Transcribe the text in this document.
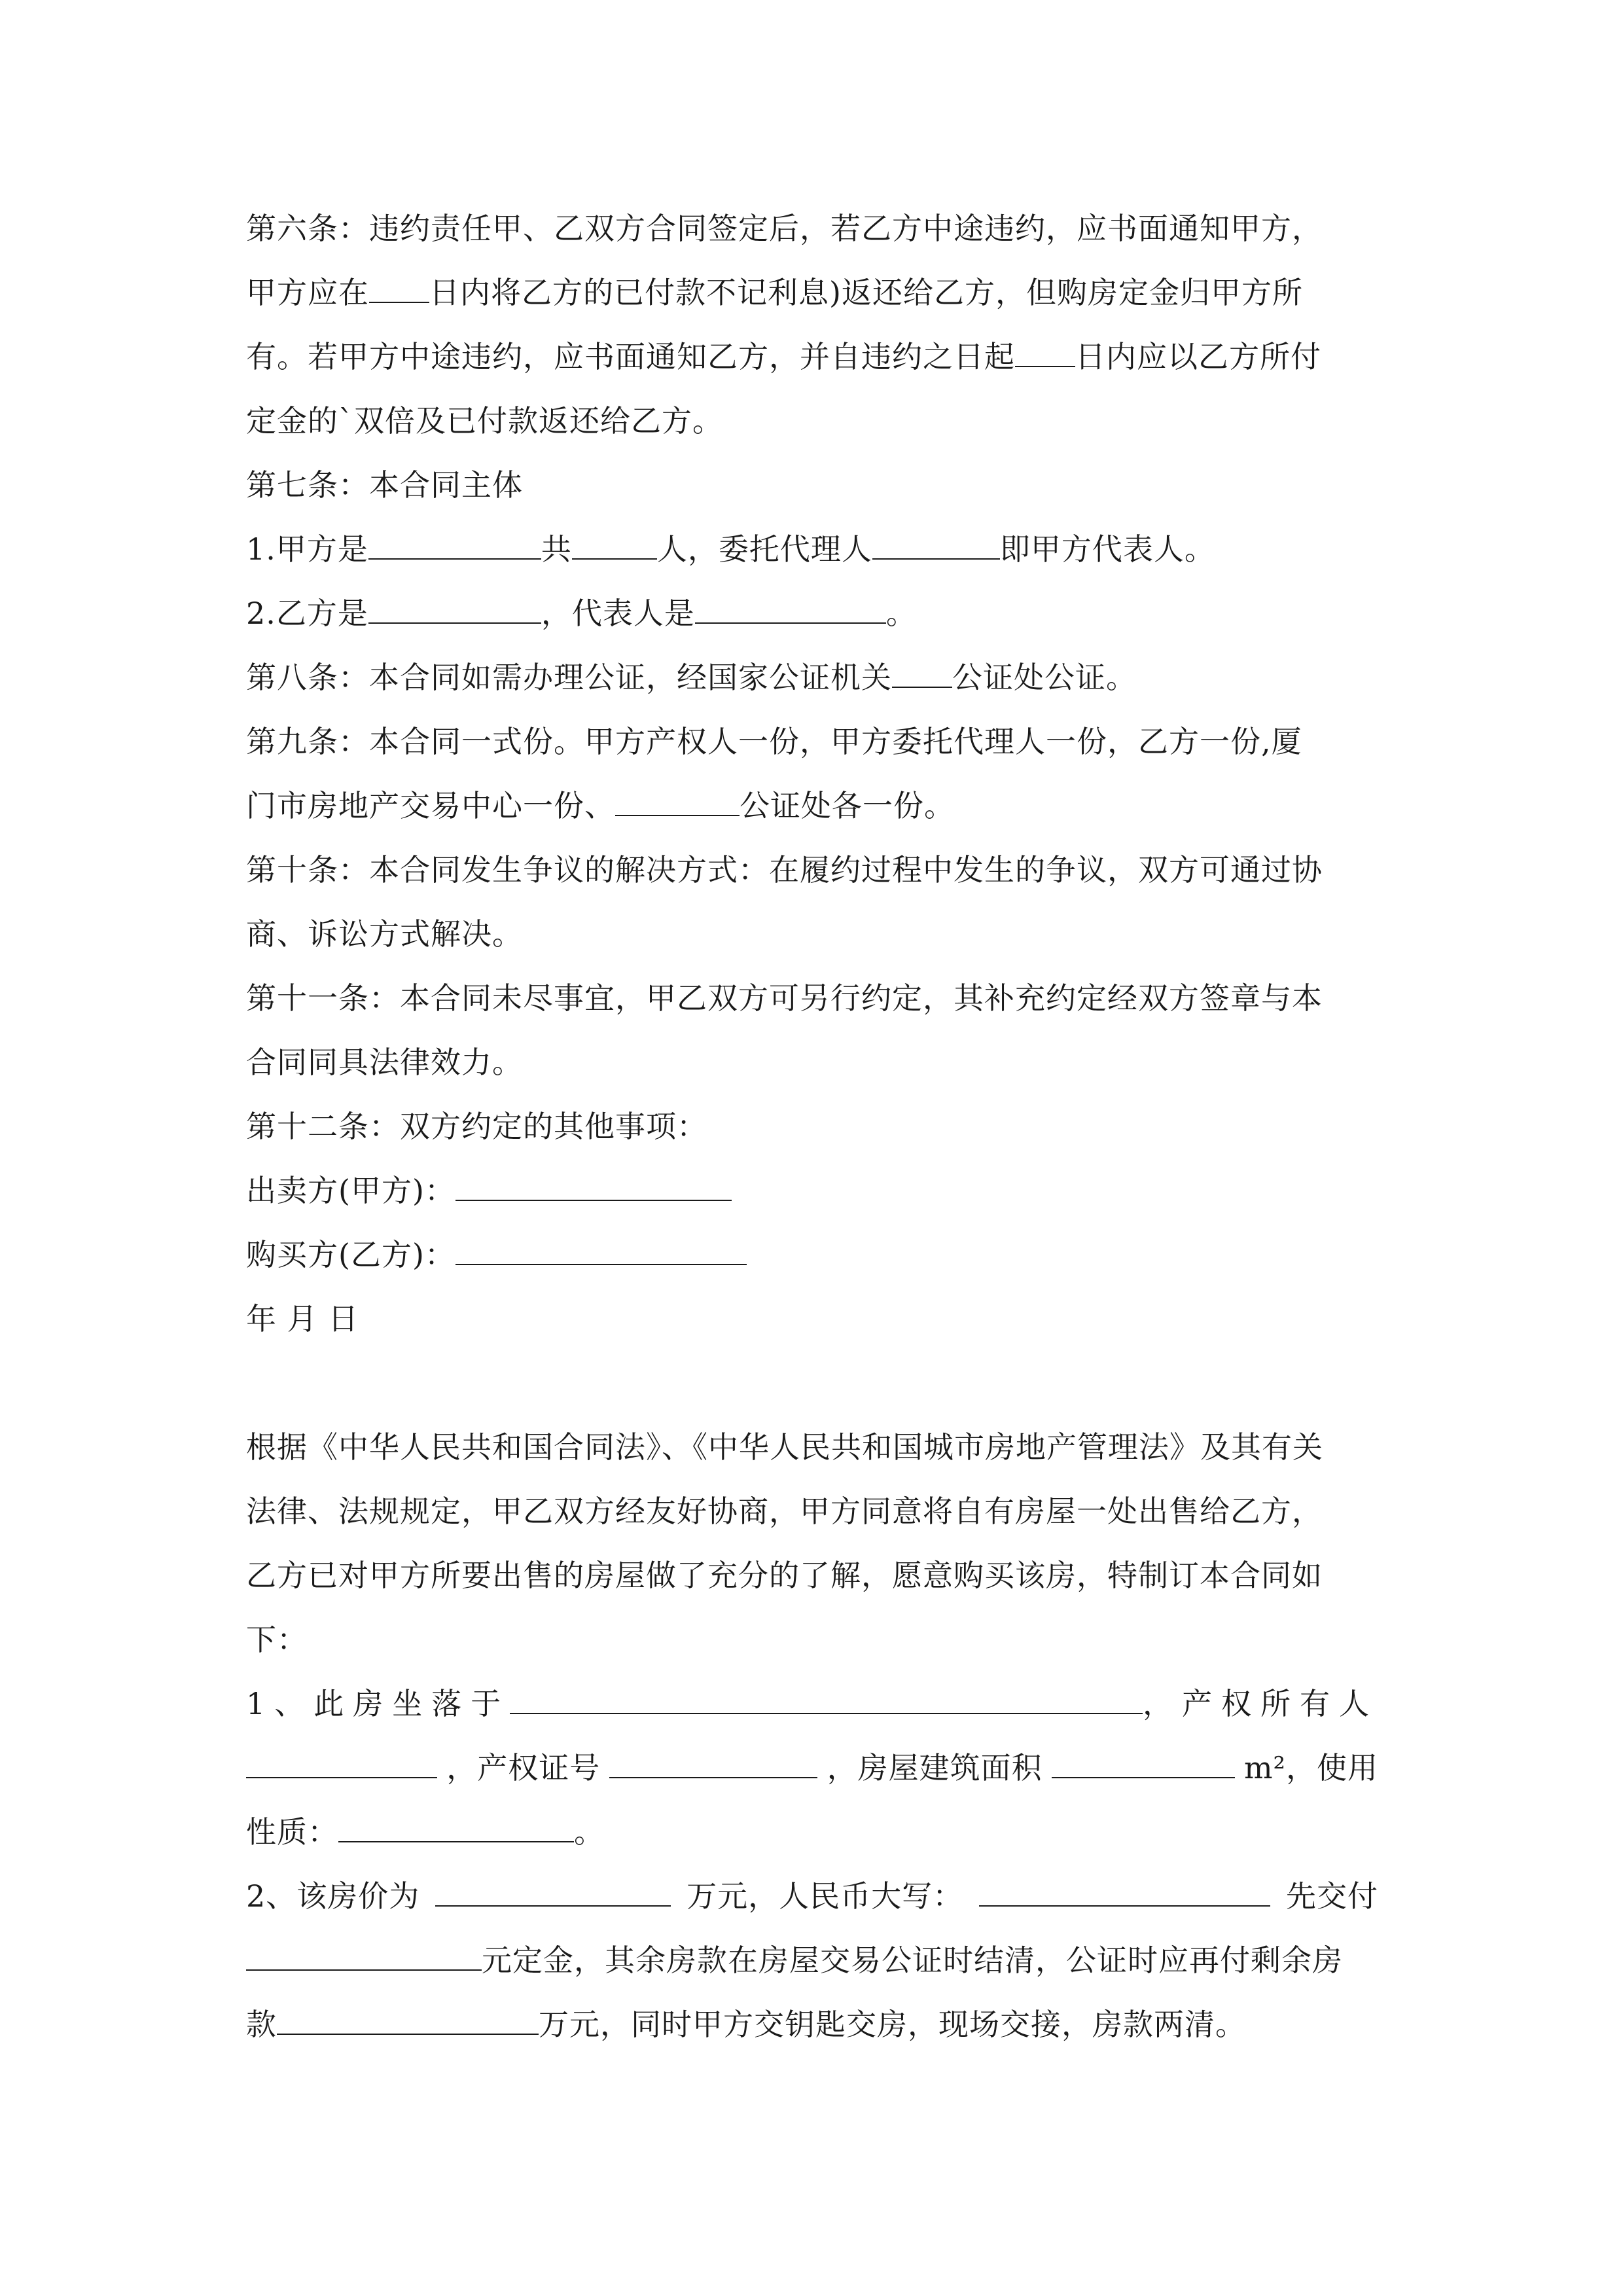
第六条：违约责任甲、乙双方合同签定后，若乙方中途违约，应书面通知甲方，
甲方应在 日内将乙方的已付款不记利息)返还给乙方，但购房定金归甲方所
有。若甲方中途违约，应书面通知乙方，并自违约之日起 日内应以乙方所付
定金的`双倍及已付款返还给乙方。
第七条：本合同主体
1.甲方是	共	人，委托代理人	即甲方代表人。
2.乙方是	，代表人是	。
第八条：本合同如需办理公证，经国家公证机关 公证处公证。
第九条：本合同一式份。甲方产权人一份，甲方委托代理人一份，乙方一份,厦
门市房地产交易中心一份、	公证处各一份。
第十条：本合同发生争议的解决方式：在履约过程中发生的争议，双方可通过协
商、诉讼方式解决。
第十一条：本合同未尽事宜，甲乙双方可另行约定，其补充约定经双方签章与本
合同同具法律效力。
第十二条：双方约定的其他事项：
出卖方(甲方)：
购买方(乙方)：
年 月 日
根据《中华人民共和国合同法》、《中华人民共和国城市房地产管理法》及其有关
法律、法规规定，甲乙双方经友好协商，甲方同意将自有房屋一处出售给乙方，
乙方已对甲方所要出售的房屋做了充分的了解，愿意购买该房，特制订本合同如
下：
1、此房坐落于	，产权所有人
，产权证号	，房屋建筑面积	m²，使用
性质：	。
2、该房价为	万元，人民币大写：	先交付
元定金，其余房款在房屋交易公证时结清，公证时应再付剩余房
款	万元，同时甲方交钥匙交房，现场交接，房款两清。
